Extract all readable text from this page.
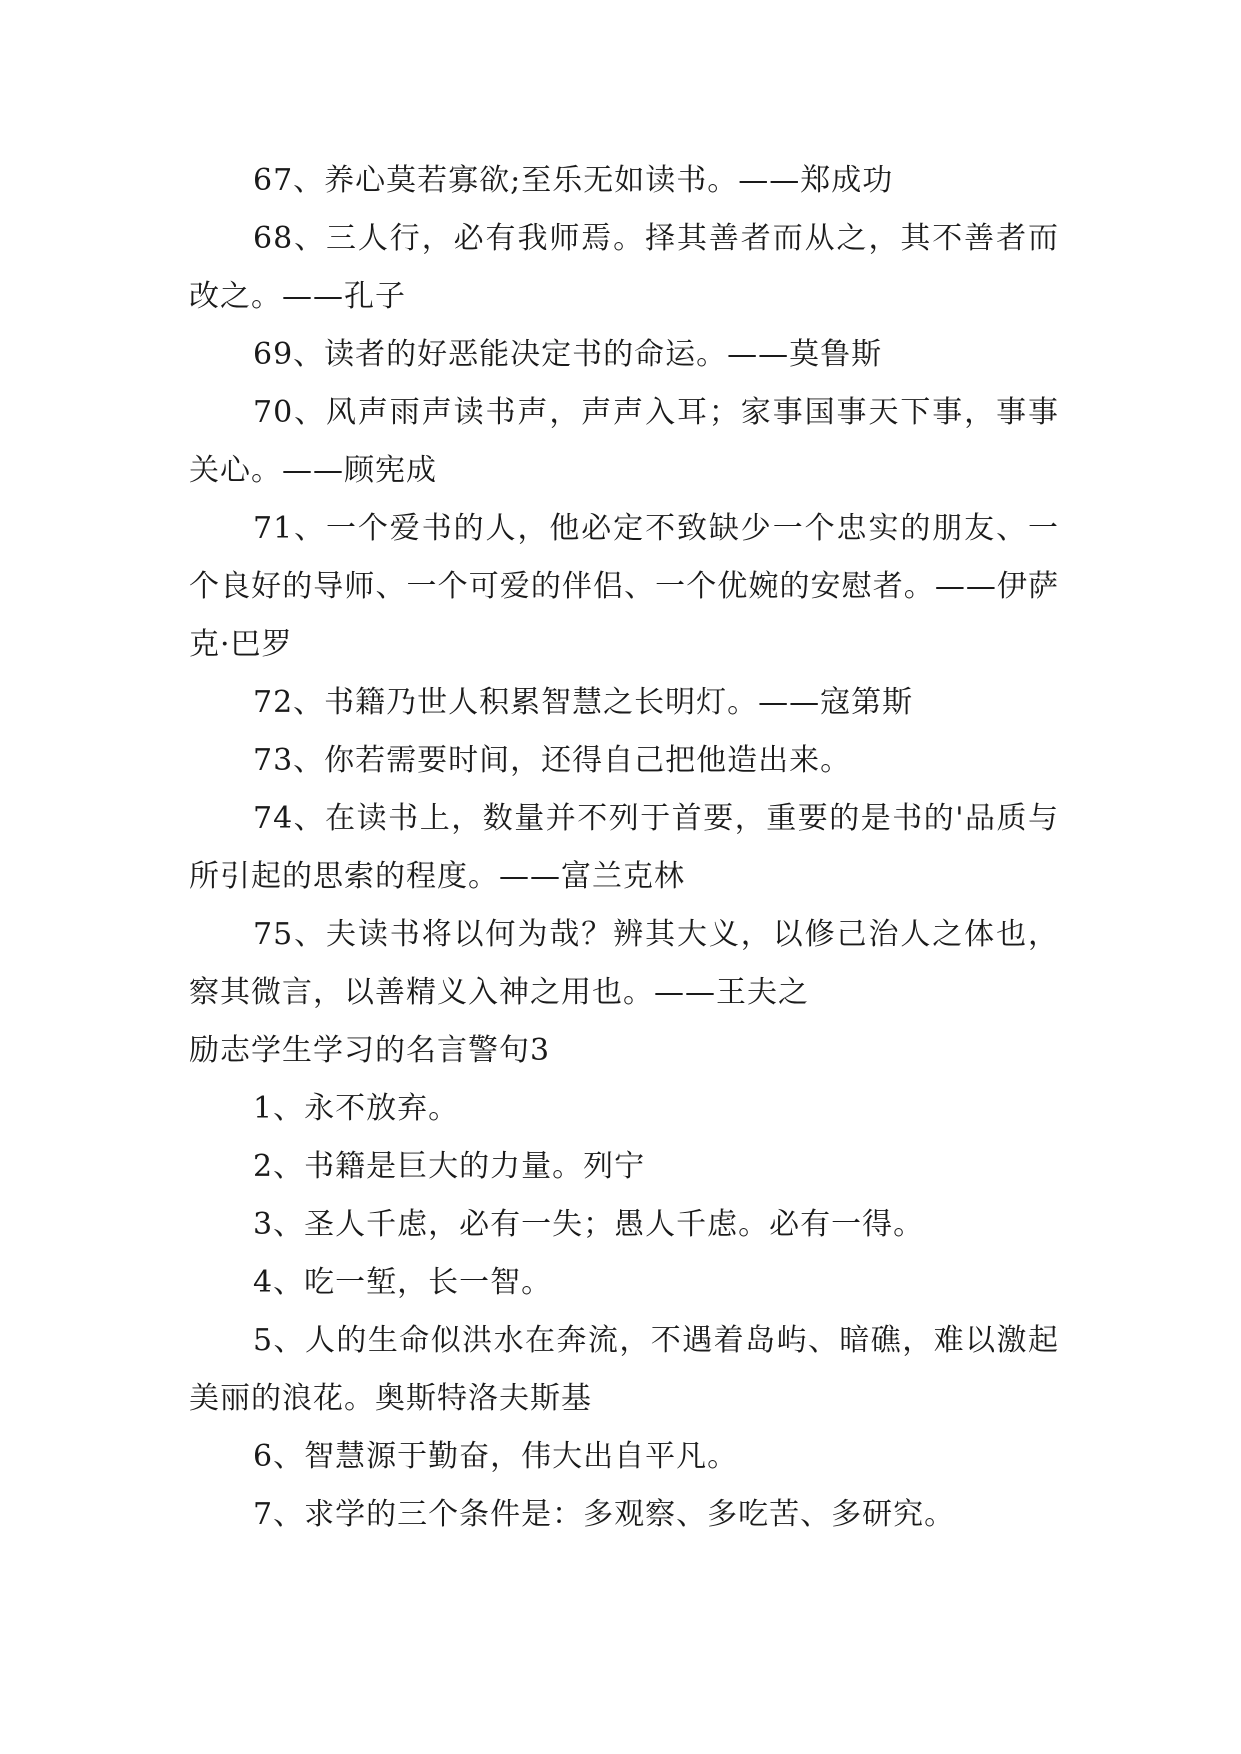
67、养心莫若寡欲;至乐无如读书。——郑成功

68、三人行，必有我师焉。择其善者而从之，其不善者而改之。——孔子

69、读者的好恶能决定书的命运。——莫鲁斯

70、风声雨声读书声，声声入耳；家事国事天下事，事事关心。——顾宪成

71、一个爱书的人，他必定不致缺少一个忠实的朋友、一个良好的导师、一个可爱的伴侣、一个优婉的安慰者。——伊萨克·巴罗

72、书籍乃世人积累智慧之长明灯。——寇第斯

73、你若需要时间，还得自己把他造出来。

74、在读书上，数量并不列于首要，重要的是书的'品质与所引起的思索的程度。——富兰克林

75、夫读书将以何为哉？辨其大义，以修己治人之体也，察其微言，以善精义入神之用也。——王夫之

励志学生学习的名言警句3

1、永不放弃。

2、书籍是巨大的力量。列宁

3、圣人千虑，必有一失；愚人千虑。必有一得。

4、吃一堑，长一智。

5、人的生命似洪水在奔流，不遇着岛屿、暗礁，难以激起美丽的浪花。奥斯特洛夫斯基

6、智慧源于勤奋，伟大出自平凡。

7、求学的三个条件是：多观察、多吃苦、多研究。
